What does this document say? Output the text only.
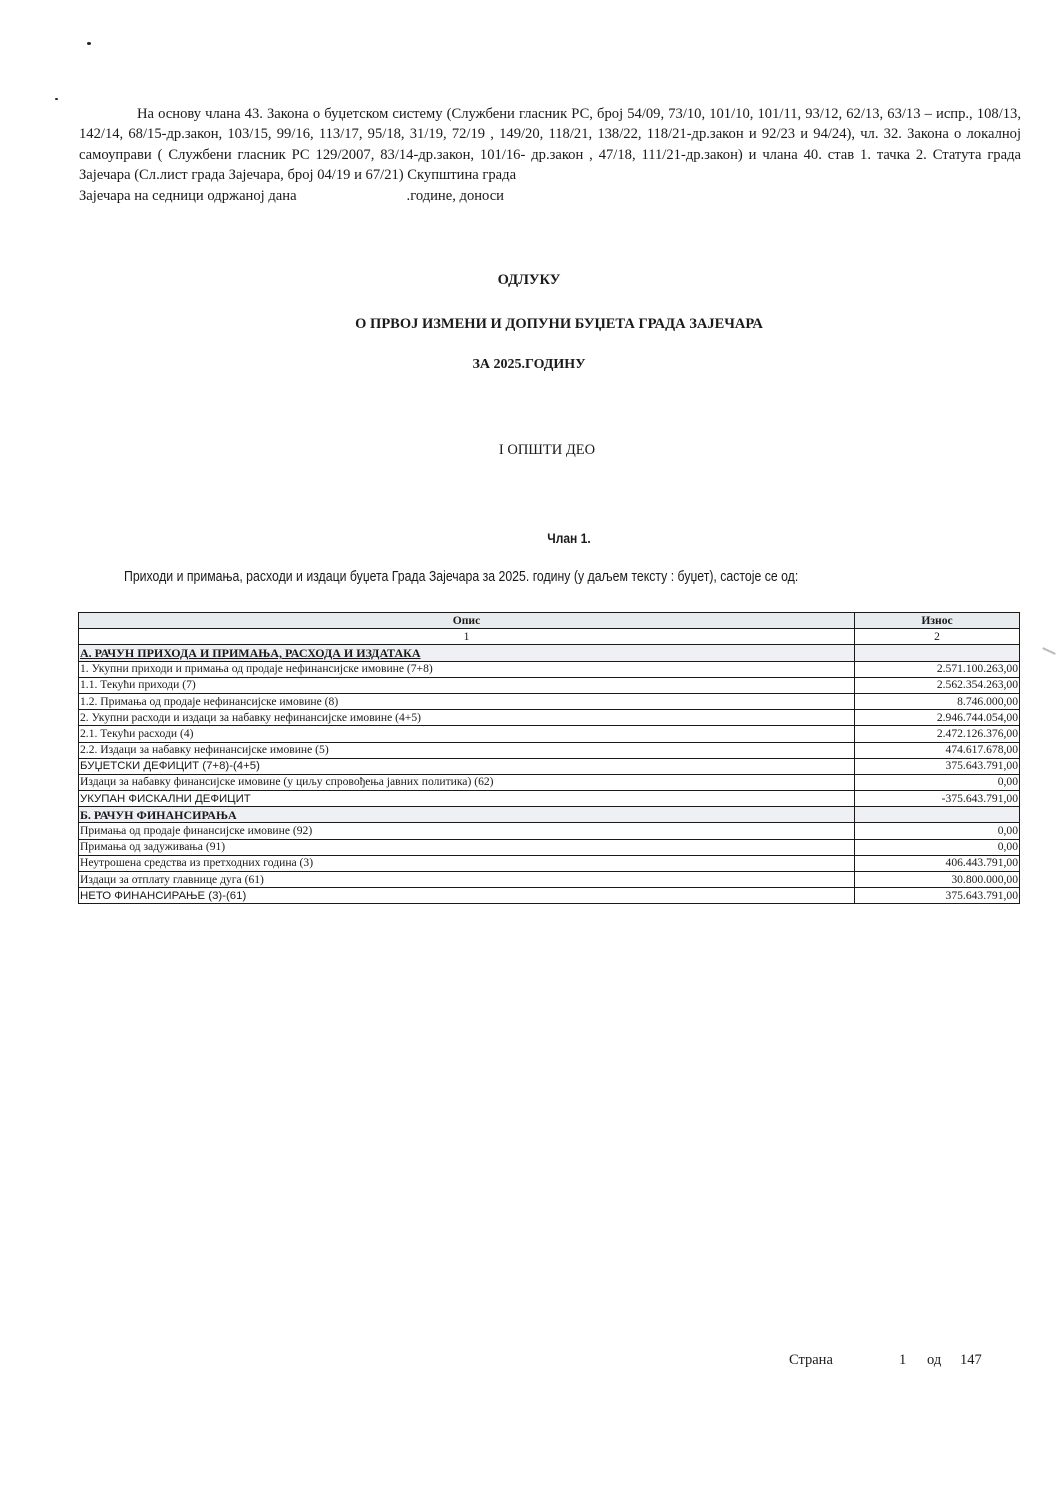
На основу члана 43. Закона о буџетском систему (Службени гласник РС, број 54/09, 73/10, 101/10, 101/11, 93/12, 62/13, 63/13 – испр., 108/13, 142/14, 68/15-др.закон, 103/15, 99/16, 113/17, 95/18, 31/19, 72/19 , 149/20, 118/21, 138/22, 118/21-др.закон и 92/23 и 94/24), чл. 32. Закона о локалној самоуправи ( Службени гласник РС 129/2007, 83/14-др.закон, 101/16- др.закон , 47/18, 111/21-др.закон) и члана 40. став 1. тачка 2. Статута града Зајечара (Сл.лист града Зајечара, број 04/19 и 67/21) Скупштина града
Зајечара на седници одржаној дана	.године, доноси

ОДЛУКУ

О ПРВОЈ ИЗМЕНИ И ДОПУНИ БУЏЕТА ГРАДА ЗАЈЕЧАРА

ЗА 2025.ГОДИНУ

I ОПШТИ ДЕО

Члан 1.

Приходи и примања, расходи и издаци буџета Града Зајечара за 2025. годину (у даљем тексту : буџет), састоје се од:

Опис	Износ
1	2
А. РАЧУН ПРИХОДА И ПРИМАЊА, РАСХОДА И ИЗДАТАКА	
1. Укупни приходи и примања од продаје нефинансијске имовине (7+8)	2.571.100.263,00
1.1. Текући приходи (7)	2.562.354.263,00
1.2. Примања од продаје нефинансијске имовине (8)	8.746.000,00
2. Укупни расходи и издаци за набавку нефинансијске имовине (4+5)	2.946.744.054,00
2.1. Текући расходи (4)	2.472.126.376,00
2.2. Издаци за набавку нефинансијске имовине (5)	474.617.678,00
БУЏЕТСКИ ДЕФИЦИТ (7+8)-(4+5)	375.643.791,00
Издаци за набавку финансијске имовине (у циљу спровођења јавних политика) (62)	0,00
УКУПАН ФИСКАЛНИ ДЕФИЦИТ	-375.643.791,00
Б. РАЧУН ФИНАНСИРАЊА	
Примања од продаје финансијске имовине (92)	0,00
Примања од задуживања (91)	0,00
Неутрошена средства из претходних година (3)	406.443.791,00
Издаци за отплату главнице дуга (61)	30.800.000,00
НЕТО ФИНАНСИРАЊЕ (3)-(61)	375.643.791,00

Страна	1 од 147
